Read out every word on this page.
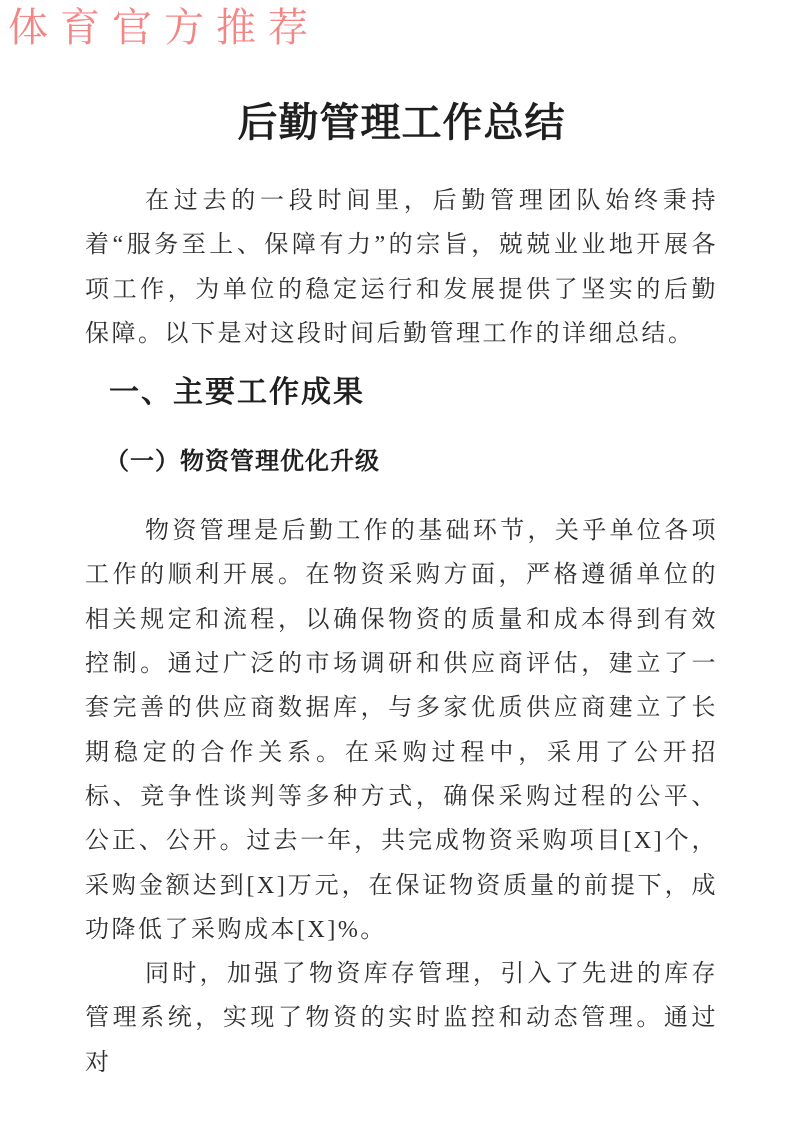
体育官方推荐
后勤管理工作总结

在过去的一段时间里，后勤管理团队始终秉持着“服务至上、保障有力”的宗旨，兢兢业业地开展各项工作，为单位的稳定运行和发展提供了坚实的后勤保障。以下是对这段时间后勤管理工作的详细总结。

一、主要工作成果
（一）物资管理优化升级

物资管理是后勤工作的基础环节，关乎单位各项工作的顺利开展。在物资采购方面，严格遵循单位的相关规定和流程，以确保物资的质量和成本得到有效控制。通过广泛的市场调研和供应商评估，建立了一套完善的供应商数据库，与多家优质供应商建立了长期稳定的合作关系。在采购过程中，采用了公开招标、竞争性谈判等多种方式，确保采购过程的公平、公正、公开。过去一年，共完成物资采购项目[X]个，采购金额达到[X]万元，在保证物资质量的前提下，成功降低了采购成本[X]%。

同时，加强了物资库存管理，引入了先进的库存管理系统，实现了物资的实时监控和动态管理。通过对
